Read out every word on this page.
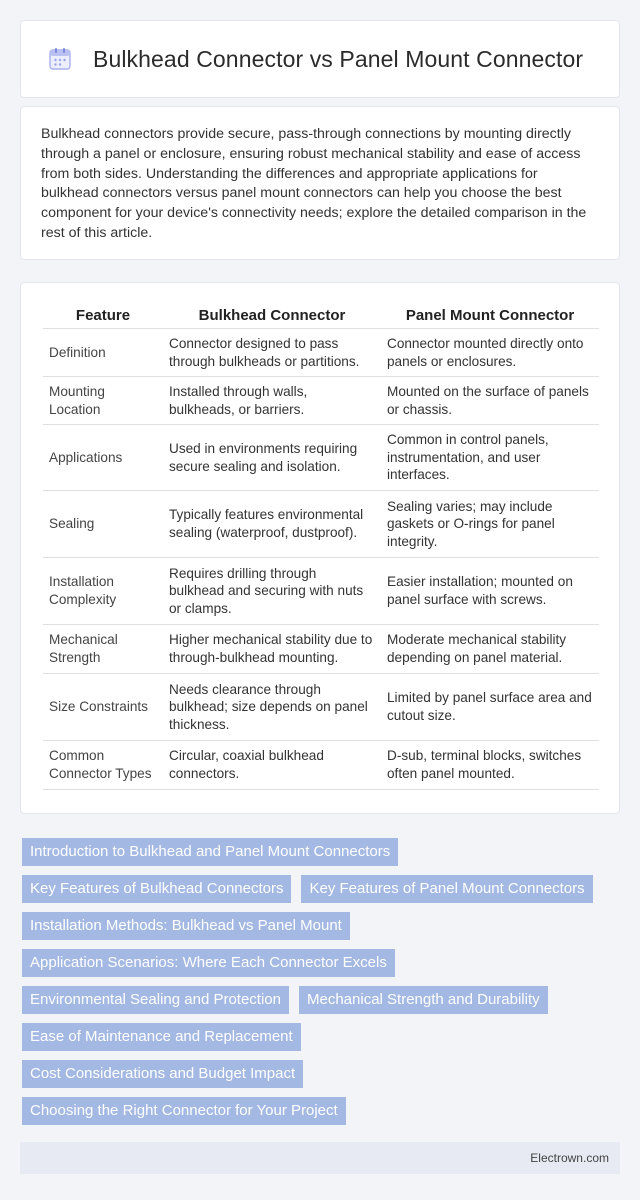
Bulkhead Connector vs Panel Mount Connector

Bulkhead connectors provide secure, pass-through connections by mounting directly through a panel or enclosure, ensuring robust mechanical stability and ease of access from both sides. Understanding the differences and appropriate applications for bulkhead connectors versus panel mount connectors can help you choose the best component for your device's connectivity needs; explore the detailed comparison in the rest of this article.

Feature	Bulkhead Connector	Panel Mount Connector
Definition	Connector designed to pass through bulkheads or partitions.	Connector mounted directly onto panels or enclosures.
Mounting Location	Installed through walls, bulkheads, or barriers.	Mounted on the surface of panels or chassis.
Applications	Used in environments requiring secure sealing and isolation.	Common in control panels, instrumentation, and user interfaces.
Sealing	Typically features environmental sealing (waterproof, dustproof).	Sealing varies; may include gaskets or O-rings for panel integrity.
Installation Complexity	Requires drilling through bulkhead and securing with nuts or clamps.	Easier installation; mounted on panel surface with screws.
Mechanical Strength	Higher mechanical stability due to through-bulkhead mounting.	Moderate mechanical stability depending on panel material.
Size Constraints	Needs clearance through bulkhead; size depends on panel thickness.	Limited by panel surface area and cutout size.
Common Connector Types	Circular, coaxial bulkhead connectors.	D-sub, terminal blocks, switches often panel mounted.
Introduction to Bulkhead and Panel Mount Connectors
Key Features of Bulkhead Connectors	Key Features of Panel Mount Connectors
Installation Methods: Bulkhead vs Panel Mount
Application Scenarios: Where Each Connector Excels
Environmental Sealing and Protection	Mechanical Strength and Durability
Ease of Maintenance and Replacement
Cost Considerations and Budget Impact
Choosing the Right Connector for Your Project
Electrown.com
